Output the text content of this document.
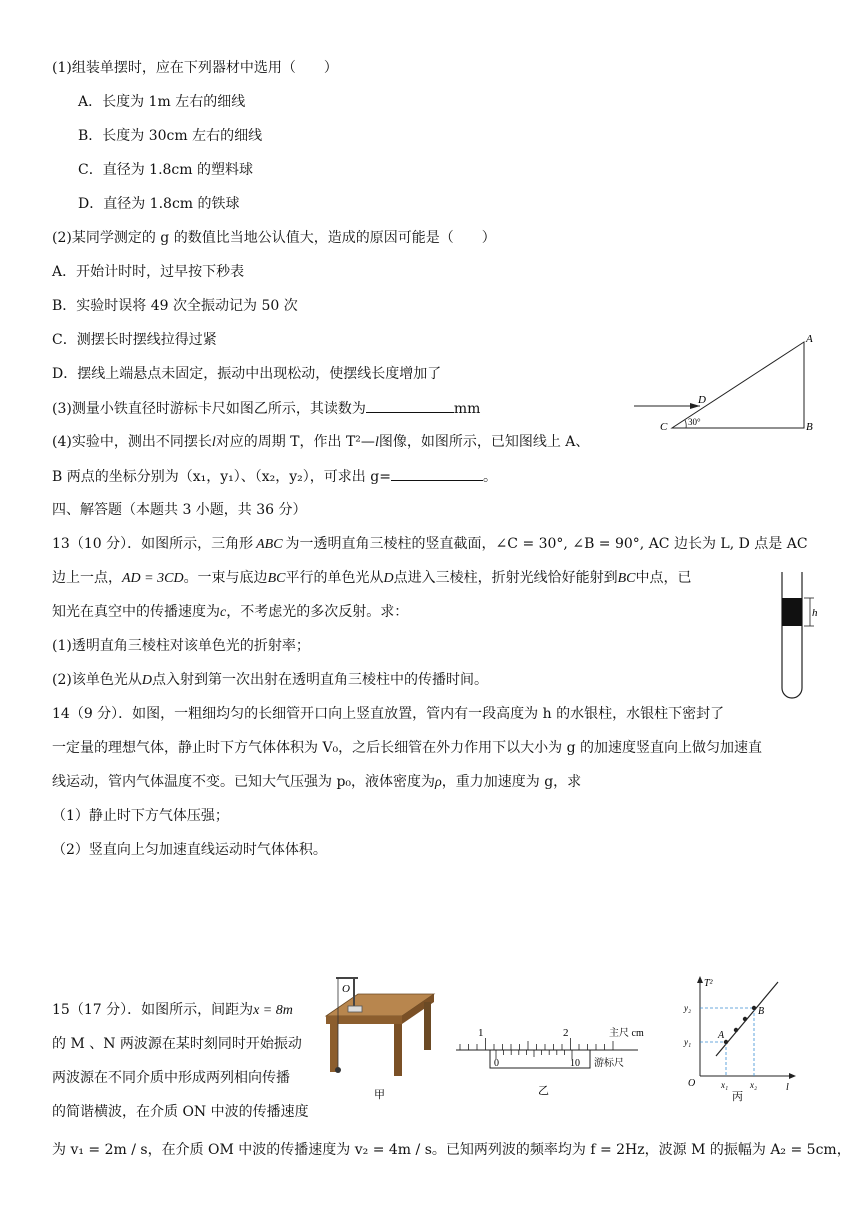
(1)组装单摆时，应在下列器材中选用（　　）
A．长度为 1m 左右的细线
B．长度为 30cm 左右的细线
C．直径为 1.8cm 的塑料球
D．直径为 1.8cm 的铁球
(2)某同学测定的 g 的数值比当地公认值大，造成的原因可能是（　　）
A．开始计时时，过早按下秒表
B．实验时误将 49 次全振动记为 50 次
C．测摆长时摆线拉得过紧
D．摆线上端悬点未固定，振动中出现松动，使摆线长度增加了
(3)测量小铁直径时游标卡尺如图乙所示，其读数为	mm
(4)实验中，测出不同摆长l对应的周期 T，作出 T²—l图像，如图所示，已知图线上 A、
B 两点的坐标分别为（x₁，y₁）、（x₂，y₂），可求出 g=	。
四、解答题（本题共 3 小题，共 36 分）
13（10 分）．如图所示，三角形 ABC 为一透明直角三棱柱的竖直截面，∠C = 30°, ∠B = 90°, AC 边长为 L, D 点是 AC
边上一点，AD = 3CD。一束与底边BC平行的单色光从D点进入三棱柱，折射光线恰好能射到BC中点，已
知光在真空中的传播速度为c，不考虑光的多次反射。求：
(1)透明直角三棱柱对该单色光的折射率；
(2)该单色光从D点入射到第一次出射在透明直角三棱柱中的传播时间。
14（9 分）．如图，一粗细均匀的长细管开口向上竖直放置，管内有一段高度为 h 的水银柱，水银柱下密封了
一定量的理想气体，静止时下方气体体积为 V₀，之后长细管在外力作用下以大小为 g 的加速度竖直向上做匀加速直
线运动，管内气体温度不变。已知大气压强为 p₀，液体密度为ρ，重力加速度为 g，求
（1）静止时下方气体压强；
（2）竖直向上匀加速直线运动时气体体积。
15（17 分）．如图所示，间距为x = 8m
的 M 、N 两波源在某时刻同时开始振动
两波源在不同介质中形成两列相向传播
的简谐横波，在介质 ON 中波的传播速度
为 v₁ = 2m / s，在介质 OM 中波的传播速度为 v₂ = 4m / s。已知两列波的频率均为 f = 2Hz，波源 M 的振幅为 A₂ = 5cm，
A
B
C
D
30°
h
O
甲
1	2	主尺 cm
0	10 游标尺
乙
T²
y₂
y₁
A
B
O	x₁ x₂	l
丙
